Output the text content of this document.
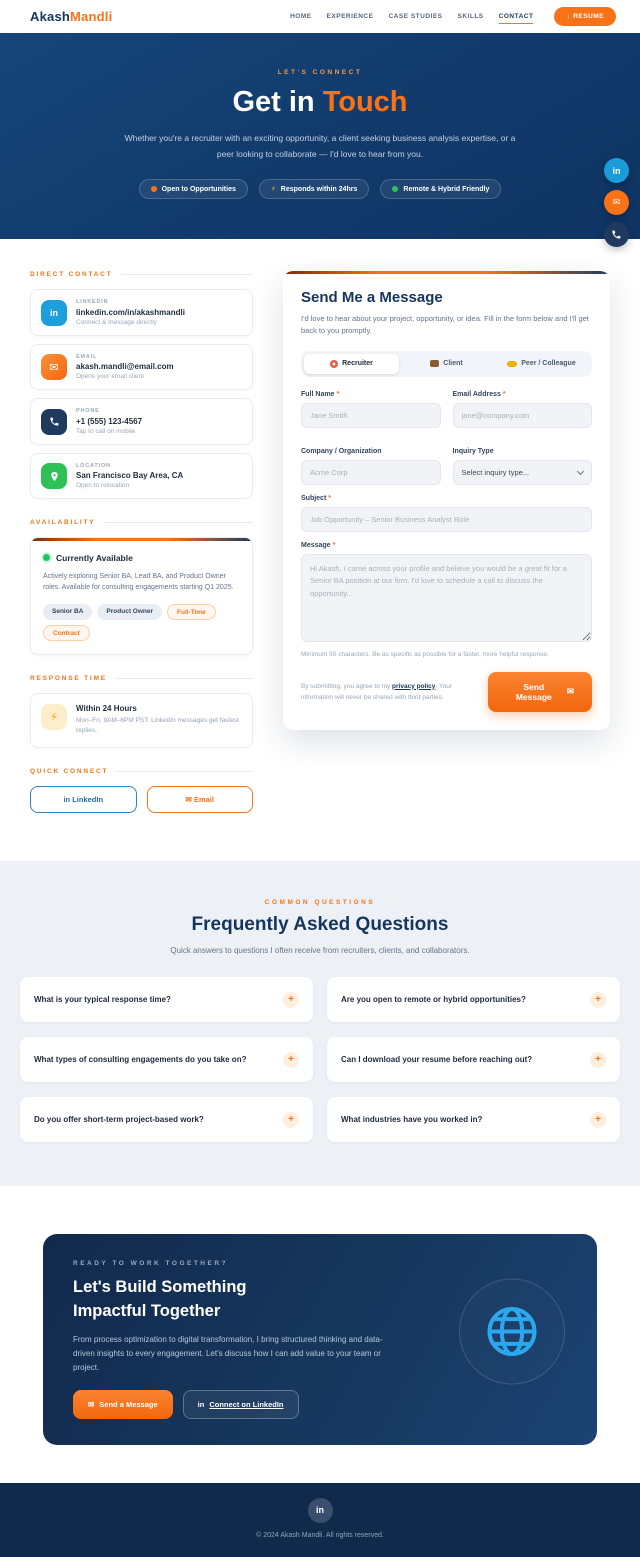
AkashMandli	HOME EXPERIENCE CASE STUDIES SKILLS CONTACT	↓ RESUME
LET'S CONNECT
Get in Touch

Whether you're a recruiter with an exciting opportunity, a client seeking business analysis expertise, or a peer looking to collaborate — I'd love to hear from you.

Open to Opportunities	⚡ Responds within 24hrs	Remote & Hybrid Friendly
in
✉
DIRECT CONTACT
in
LINKEDIN
linkedin.com/in/akashmandli
Connect & message directly
✉
EMAIL
akash.mandli@email.com
Opens your email client
PHONE
+1 (555) 123-4567
Tap to call on mobile
LOCATION
San Francisco Bay Area, CA
Open to relocation
AVAILABILITY
Currently Available

Actively exploring Senior BA, Lead BA, and Product Owner roles. Available for consulting engagements starting Q1 2025.

Senior BA	Product Owner	Full-Time
Contract
RESPONSE TIME
⚡
Within 24 Hours
Mon–Fri, 9AM–6PM PST. LinkedIn messages get fastest replies.
QUICK CONNECT
in LinkedIn	✉ Email
Send Me a Message

I'd love to hear about your project, opportunity, or idea. Fill in the form below and I'll get back to you promptly.

Recruiter	Client	Peer / Colleague
Full Name *
Jane Smith	Email Address *
jane@company.com
Company / Organization
Acme Corp	Inquiry Type
Select inquiry type...
Subject *
Job Opportunity – Senior Business Analyst Role
Message *
Hi Akash, I came across your profile and believe you would be a great fit for a Senior BA position at our firm. I'd love to schedule a call to discuss the opportunity...
Minimum 50 characters. Be as specific as possible for a faster, more helpful response.

By submitting, you agree to my privacy policy. Your information will never be shared with third parties.

Send Message
✉
COMMON QUESTIONS
Frequently Asked Questions

Quick answers to questions I often receive from recruiters, clients, and collaborators.

What is your typical response time?	+	Are you open to remote or hybrid opportunities?	+
What types of consulting engagements do you take on?	+	Can I download your resume before reaching out?	+
Do you offer short-term project-based work?	+	What industries have you worked in?	+
READY TO WORK TOGETHER?
Let's Build Something
Impactful Together

From process optimization to digital transformation, I bring structured thinking and data-driven insights to every engagement. Let's discuss how I can add value to your team or project.

✉ Send a Message	in Connect on LinkedIn
in
© 2024 Akash Mandli. All rights reserved.
